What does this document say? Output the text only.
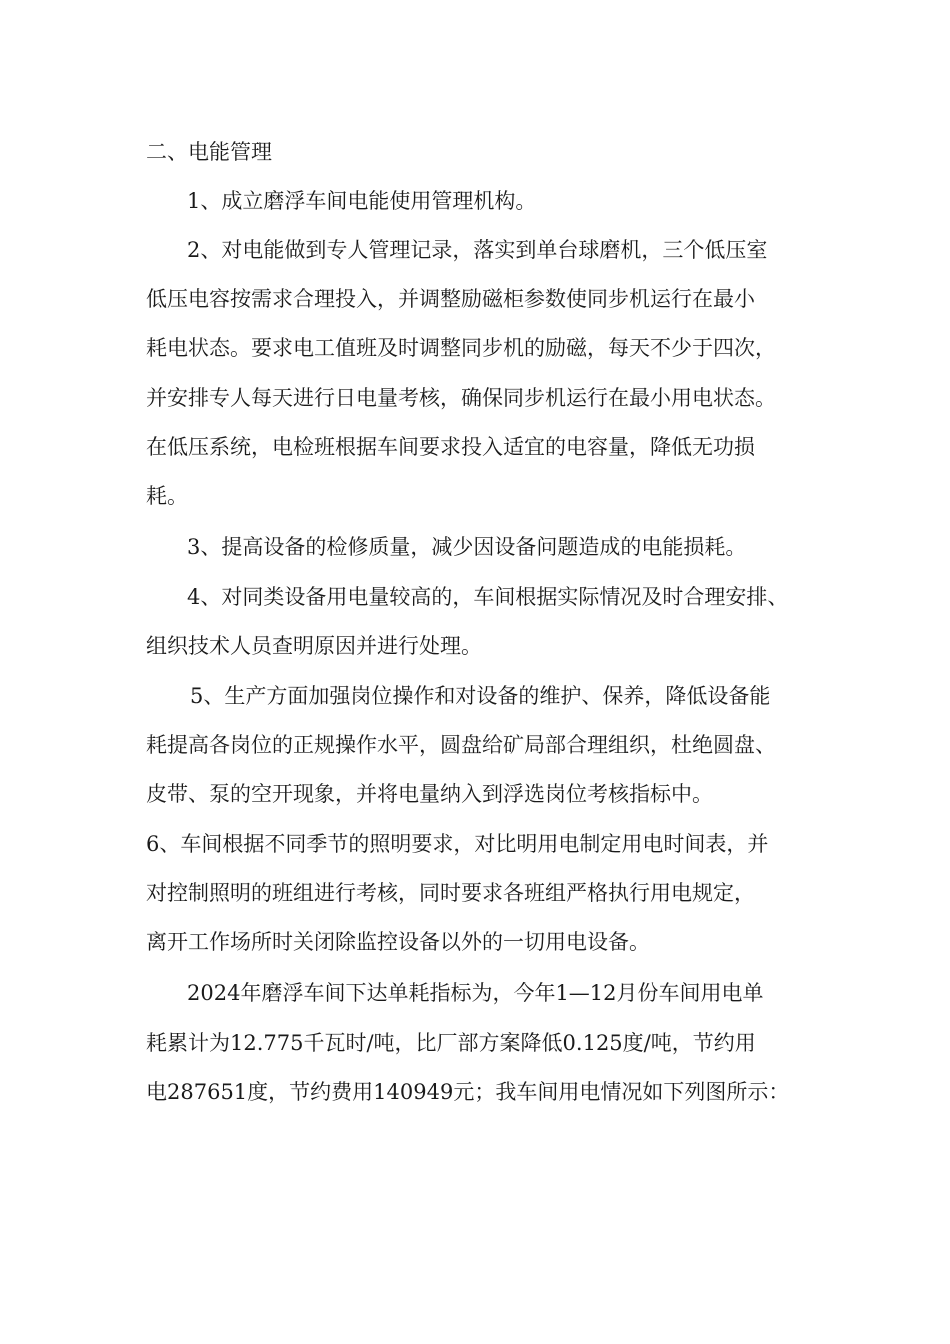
二、电能管理
1、成立磨浮车间电能使用管理机构。
2、对电能做到专人管理记录，落实到单台球磨机，三个低压室
低压电容按需求合理投入，并调整励磁柜参数使同步机运行在最小
耗电状态。要求电工值班及时调整同步机的励磁，每天不少于四次，
并安排专人每天进行日电量考核，确保同步机运行在最小用电状态。
在低压系统，电检班根据车间要求投入适宜的电容量，降低无功损
耗。
3、提高设备的检修质量，减少因设备问题造成的电能损耗。
4、对同类设备用电量较高的，车间根据实际情况及时合理安排、
组织技术人员查明原因并进行处理。
5、生产方面加强岗位操作和对设备的维护、保养，降低设备能
耗提高各岗位的正规操作水平，圆盘给矿局部合理组织，杜绝圆盘、
皮带、泵的空开现象，并将电量纳入到浮选岗位考核指标中。
6、车间根据不同季节的照明要求，对比明用电制定用电时间表，并
对控制照明的班组进行考核，同时要求各班组严格执行用电规定，
离开工作场所时关闭除监控设备以外的一切用电设备。
2024年磨浮车间下达单耗指标为，今年1—12月份车间用电单
耗累计为12.775千瓦时/吨，比厂部方案降低0.125度/吨，节约用
电287651度，节约费用140949元；我车间用电情况如下列图所示：
